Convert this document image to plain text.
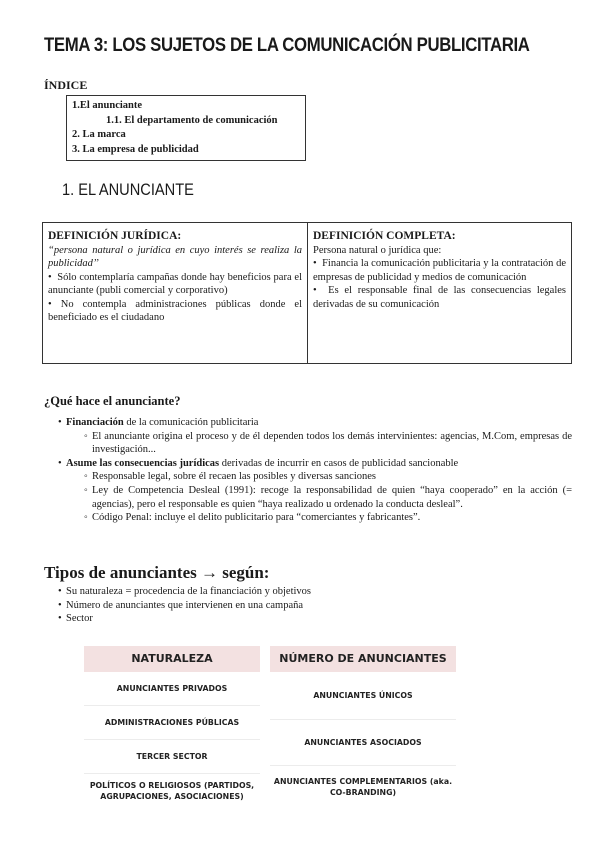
TEMA 3: LOS SUJETOS DE LA COMUNICACIÓN PUBLICITARIA
ÍNDICE
1.El anunciante
1.1. El departamento de comunicación
2. La marca
3. La empresa de publicidad
1. EL ANUNCIANTE
DEFINICIÓN JURÍDICA:
“persona natural o jurídica en cuyo interés se realiza la publicidad’’
•  Sólo contemplaría campañas donde hay beneficios para el anunciante (publi comercial y corporativo)
• No contempla administraciones públicas donde el beneficiado es el ciudadano
DEFINICIÓN COMPLETA:
Persona natural o jurídica que:
•  Financia la comunicación publicitaria y la contratación de empresas de publicidad y medios de comunicación
•  Es el responsable final de las consecuencias legales derivadas de su comunicación
¿Qué hace el anunciante?
• Financiación de la comunicación publicitaria
◦ El anunciante origina el proceso y de él dependen todos los demás intervinientes: agencias, M.Com, empresas de investigación...
• Asume las consecuencias jurídicas derivadas de incurrir en casos de publicidad sancionable
◦ Responsable legal, sobre él recaen las posibles y diversas sanciones
◦ Ley de Competencia Desleal (1991): recoge la responsabilidad de quien “haya cooperado” en la acción (= agencias), pero el responsable es quien “haya realizado u ordenado la conducta desleal”.
◦ Código Penal: incluye el delito publicitario para “comerciantes y fabricantes”.
Tipos de anunciantes → según:
• Su naturaleza = procedencia de la financiación y objetivos
• Número de anunciantes que intervienen en una campaña
• Sector
NATURALEZA
ANUNCIANTES PRIVADOS
ADMINISTRACIONES PÚBLICAS
TERCER SECTOR
POLÍTICOS O RELIGIOSOS (PARTIDOS, AGRUPACIONES, ASOCIACIONES)
NÚMERO DE ANUNCIANTES
ANUNCIANTES ÚNICOS
ANUNCIANTES ASOCIADOS
ANUNCIANTES COMPLEMENTARIOS (aka. CO-BRANDING)
